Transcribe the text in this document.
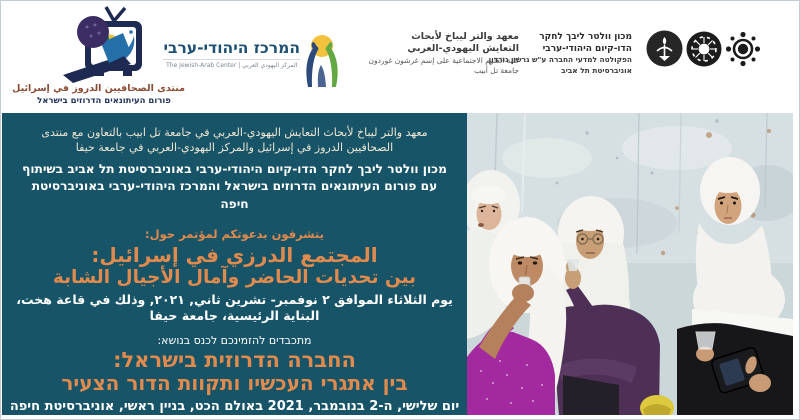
منتدى الصحافيين الدروز في إسرائيل
פורום העיתונאים הדרוזים בישראל
המרכז היהודי-ערבי
The Jewish-Arab Center | المركز اليهودي العربي
معهد والتر ليباخ لأبحاث
التعايش اليهودي-العربي
كلية العلوم الاجتماعية على إسم غرشون غوردون
جامعة تل أبيب
מכון וולטר ליבך לחקר
הדו-קיום היהודי-ערבי
הפקולטה למדעי החברה ע"ש גרשון גורדון
אוניברסיטת תל אביב
معهد والتر ليباخ لأبحاث التعايش اليهودي-العربي في جامعة تل ابيب بالتعاون مع منتدى الصحافيين الدروز في إسرائيل والمركز اليهودي-العربي في جامعة حيفا
מכון וולטר ליבך לחקר הדו-קיום היהודי-ערבי באוניברסיטת תל אביב בשיתוף עם פורום העיתונאים הדרוזים בישראל והמרכז היהודי-ערבי באוניברסיטת חיפה
يتشرفون بدعوتكم لمؤتمر حول:
المجتمع الدرزي في إسرائيل:
بين تحديات الحاضر وآمال الأجيال الشابة
يوم الثلاثاء الموافق ٢ نوفمبر- تشرين ثاني, ٢٠٢١, وذلك في قاعة هخت، البناية الرئيسية، جامعة حيفا
מתכבדים להזמינכם לכנס בנושא:
החברה הדרוזית בישראל:
בין אתגרי העכשיו ותקוות הדור הצעיר
יום שלישי, ה-2 בנובמבר, 2021 באולם הכט, בניין ראשי, אוניברסיטת חיפה
